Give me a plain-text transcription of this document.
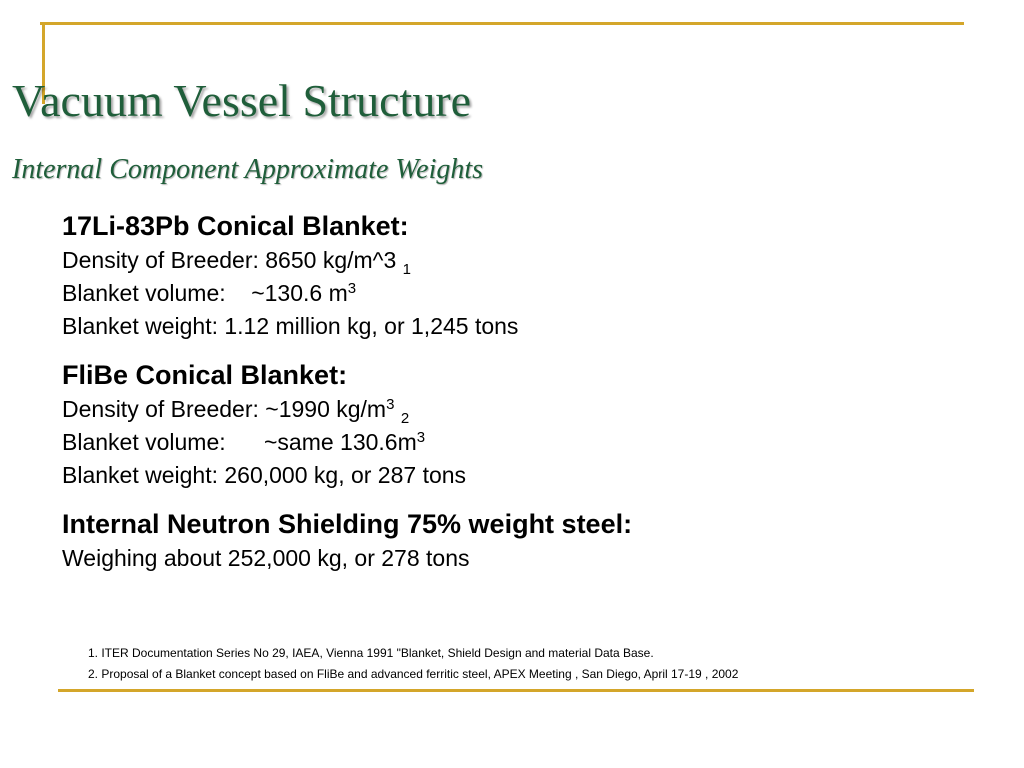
Vacuum Vessel Structure
Internal Component Approximate Weights
17Li-83Pb Conical Blanket:
Density of Breeder: 8650 kg/m^3 $_1$
Blanket volume:    ~130.6 $m^3$
Blanket weight: 1.12 million kg, or 1,245 tons
FliBe Conical Blanket:
Density of Breeder: ~1990 $kg/m^3$ $_2$
Blanket volume:      ~same $130.6m^3$
Blanket weight: 260,000 kg, or 287 tons
Internal Neutron Shielding 75% weight steel:
Weighing about 252,000 kg, or 278 tons
1. ITER Documentation Series No 29, IAEA, Vienna 1991 "Blanket, Shield Design and material Data Base.
2. Proposal of a Blanket concept based on FliBe and advanced ferritic steel, APEX Meeting , San Diego, April 17-19 , 2002
